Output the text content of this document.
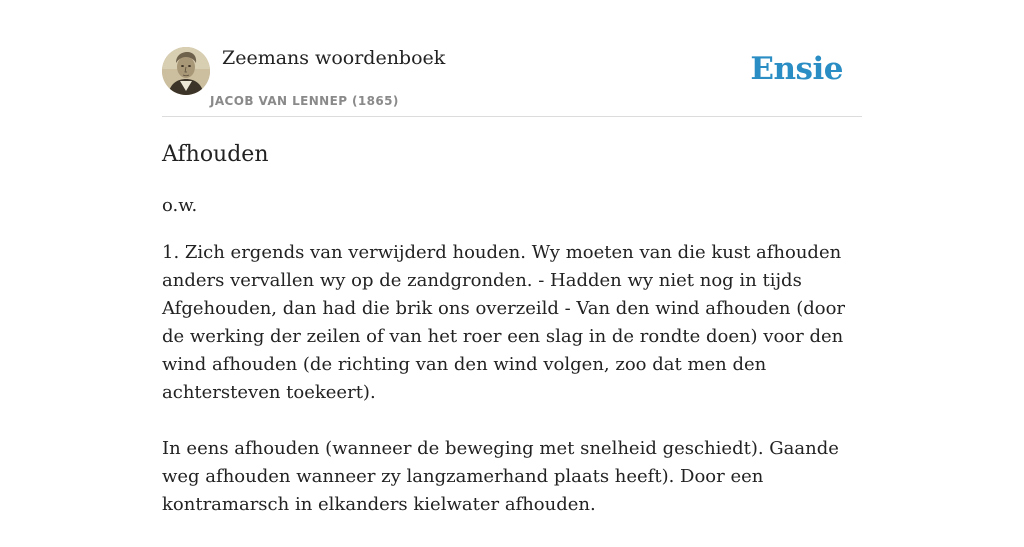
Zeemans woordenboek
JACOB VAN LENNEP (1865)
Ensie
Afhouden
o.w.

1. Zich ergends van verwijderd houden. Wy moeten van die kust afhouden anders vervallen wy op de zandgronden. - Hadden wy niet nog in tijds Afgehouden, dan had die brik ons overzeild - Van den wind afhouden (door de werking der zeilen of van het roer een slag in de rondte doen) voor den wind afhouden (de richting van den wind volgen, zoo dat men den achtersteven toekeert).

In eens afhouden (wanneer de beweging met snelheid geschiedt). Gaande weg afhouden wanneer zy langzamerhand plaats heeft). Door een kontramarsch in elkanders kielwater afhouden.
